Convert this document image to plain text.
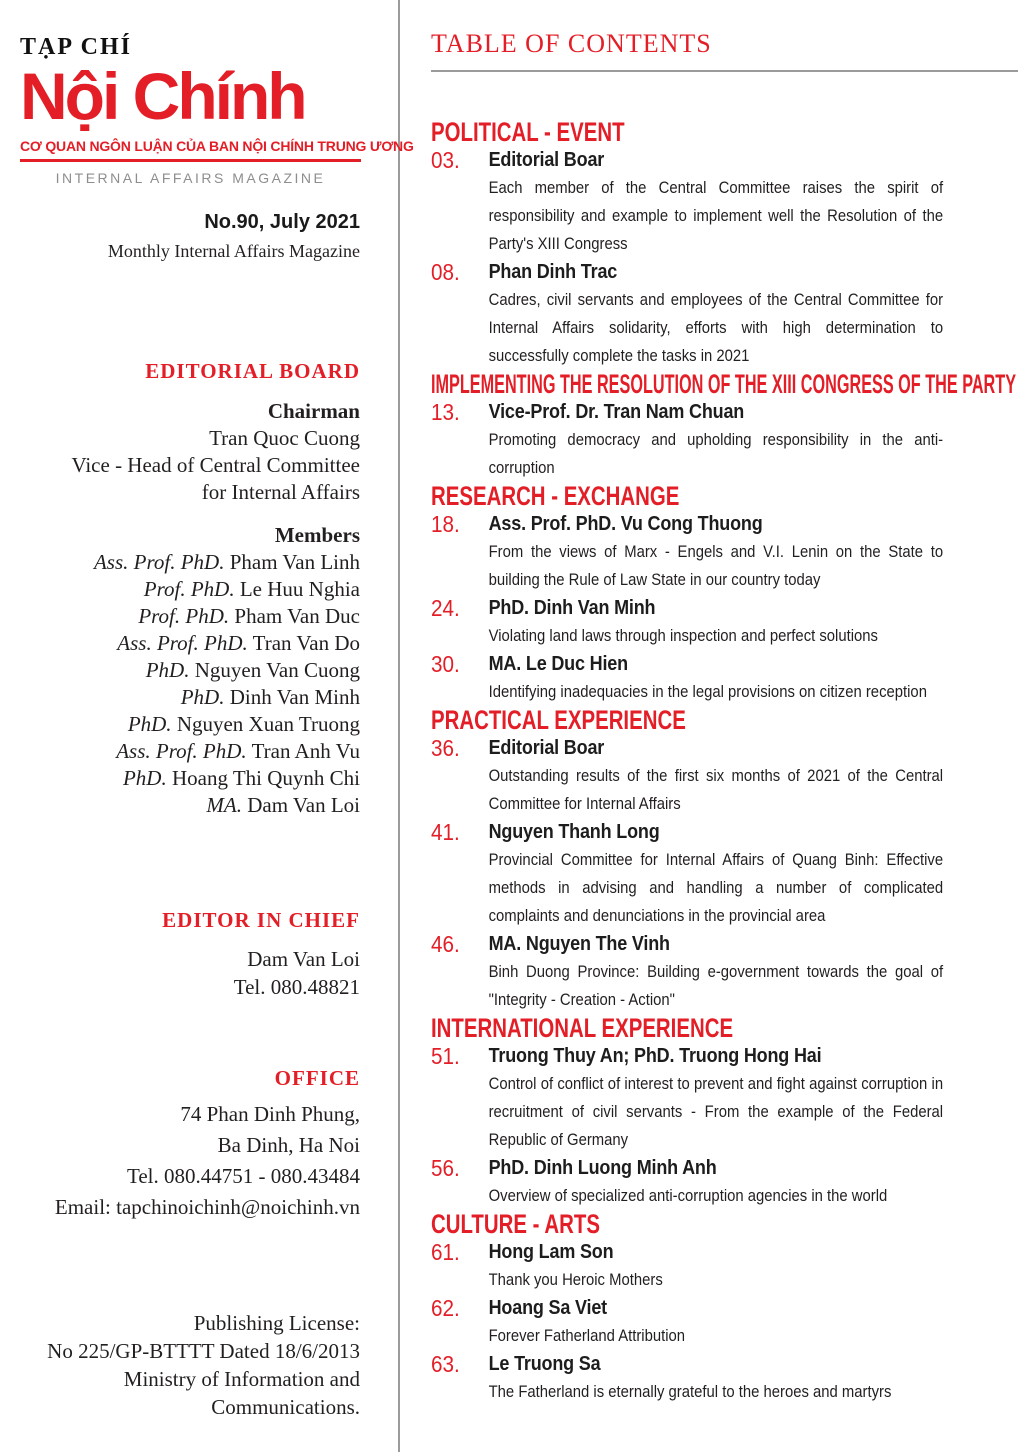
TẠP CHÍ
Nội Chính
CƠ QUAN NGÔN LUẬN CỦA BAN NỘI CHÍNH TRUNG ƯƠNG
INTERNAL AFFAIRS MAGAZINE
No.90, July 2021
Monthly Internal Affairs Magazine
EDITORIAL BOARD
Chairman
Tran Quoc Cuong
Vice - Head of Central Committee
for Internal Affairs
Members
Ass. Prof. PhD. Pham Van Linh
Prof. PhD. Le Huu Nghia
Prof. PhD. Pham Van Duc
Ass. Prof. PhD. Tran Van Do
PhD. Nguyen Van Cuong
PhD. Dinh Van Minh
PhD. Nguyen Xuan Truong
Ass. Prof. PhD. Tran Anh Vu
PhD. Hoang Thi Quynh Chi
MA. Dam Van Loi
EDITOR IN CHIEF
Dam Van Loi
Tel. 080.48821
OFFICE
74 Phan Dinh Phung,
Ba Dinh, Ha Noi
Tel. 080.44751 - 080.43484
Email: tapchinoichinh@noichinh.vn
Publishing License:
No 225/GP-BTTTT Dated 18/6/2013
Ministry of Information and
Communications.
TABLE OF CONTENTS
POLITICAL - EVENT
03.	Editorial Boar
Each member of the Central Committee raises the spirit of responsibility and example to implement well the Resolution of the Party's XIII Congress
08.	Phan Dinh Trac
Cadres, civil servants and employees of the Central Committee for Internal Affairs solidarity, efforts with high determination to successfully complete the tasks in 2021
IMPLEMENTING THE RESOLUTION OF THE XIII CONGRESS OF THE PARTY
13.	Vice-Prof. Dr. Tran Nam Chuan
Promoting democracy and upholding responsibility in the anti-corruption
RESEARCH - EXCHANGE
18.	Ass. Prof. PhD. Vu Cong Thuong
From the views of Marx - Engels and V.I. Lenin on the State to building the Rule of Law State in our country today
24.	PhD. Dinh Van Minh
Violating land laws through inspection and perfect solutions
30.	MA. Le Duc Hien
Identifying inadequacies in the legal provisions on citizen reception
PRACTICAL EXPERIENCE
36.	Editorial Boar
Outstanding results of the first six months of 2021 of the Central Committee for Internal Affairs
41.	Nguyen Thanh Long
Provincial Committee for Internal Affairs of Quang Binh: Effective methods in advising and handling a number of complicated complaints and denunciations in the provincial area
46.	MA. Nguyen The Vinh
Binh Duong Province: Building e-government towards the goal of "Integrity - Creation - Action"
INTERNATIONAL EXPERIENCE
51.	Truong Thuy An; PhD. Truong Hong Hai
Control of conflict of interest to prevent and fight against corruption in recruitment of civil servants - From the example of the Federal Republic of Germany
56.	PhD. Dinh Luong Minh Anh
Overview of specialized anti-corruption agencies in the world
CULTURE - ARTS
61.	Hong Lam Son
Thank you Heroic Mothers
62.	Hoang Sa Viet
Forever Fatherland Attribution
63.	Le Truong Sa
The Fatherland is eternally grateful to the heroes and martyrs
